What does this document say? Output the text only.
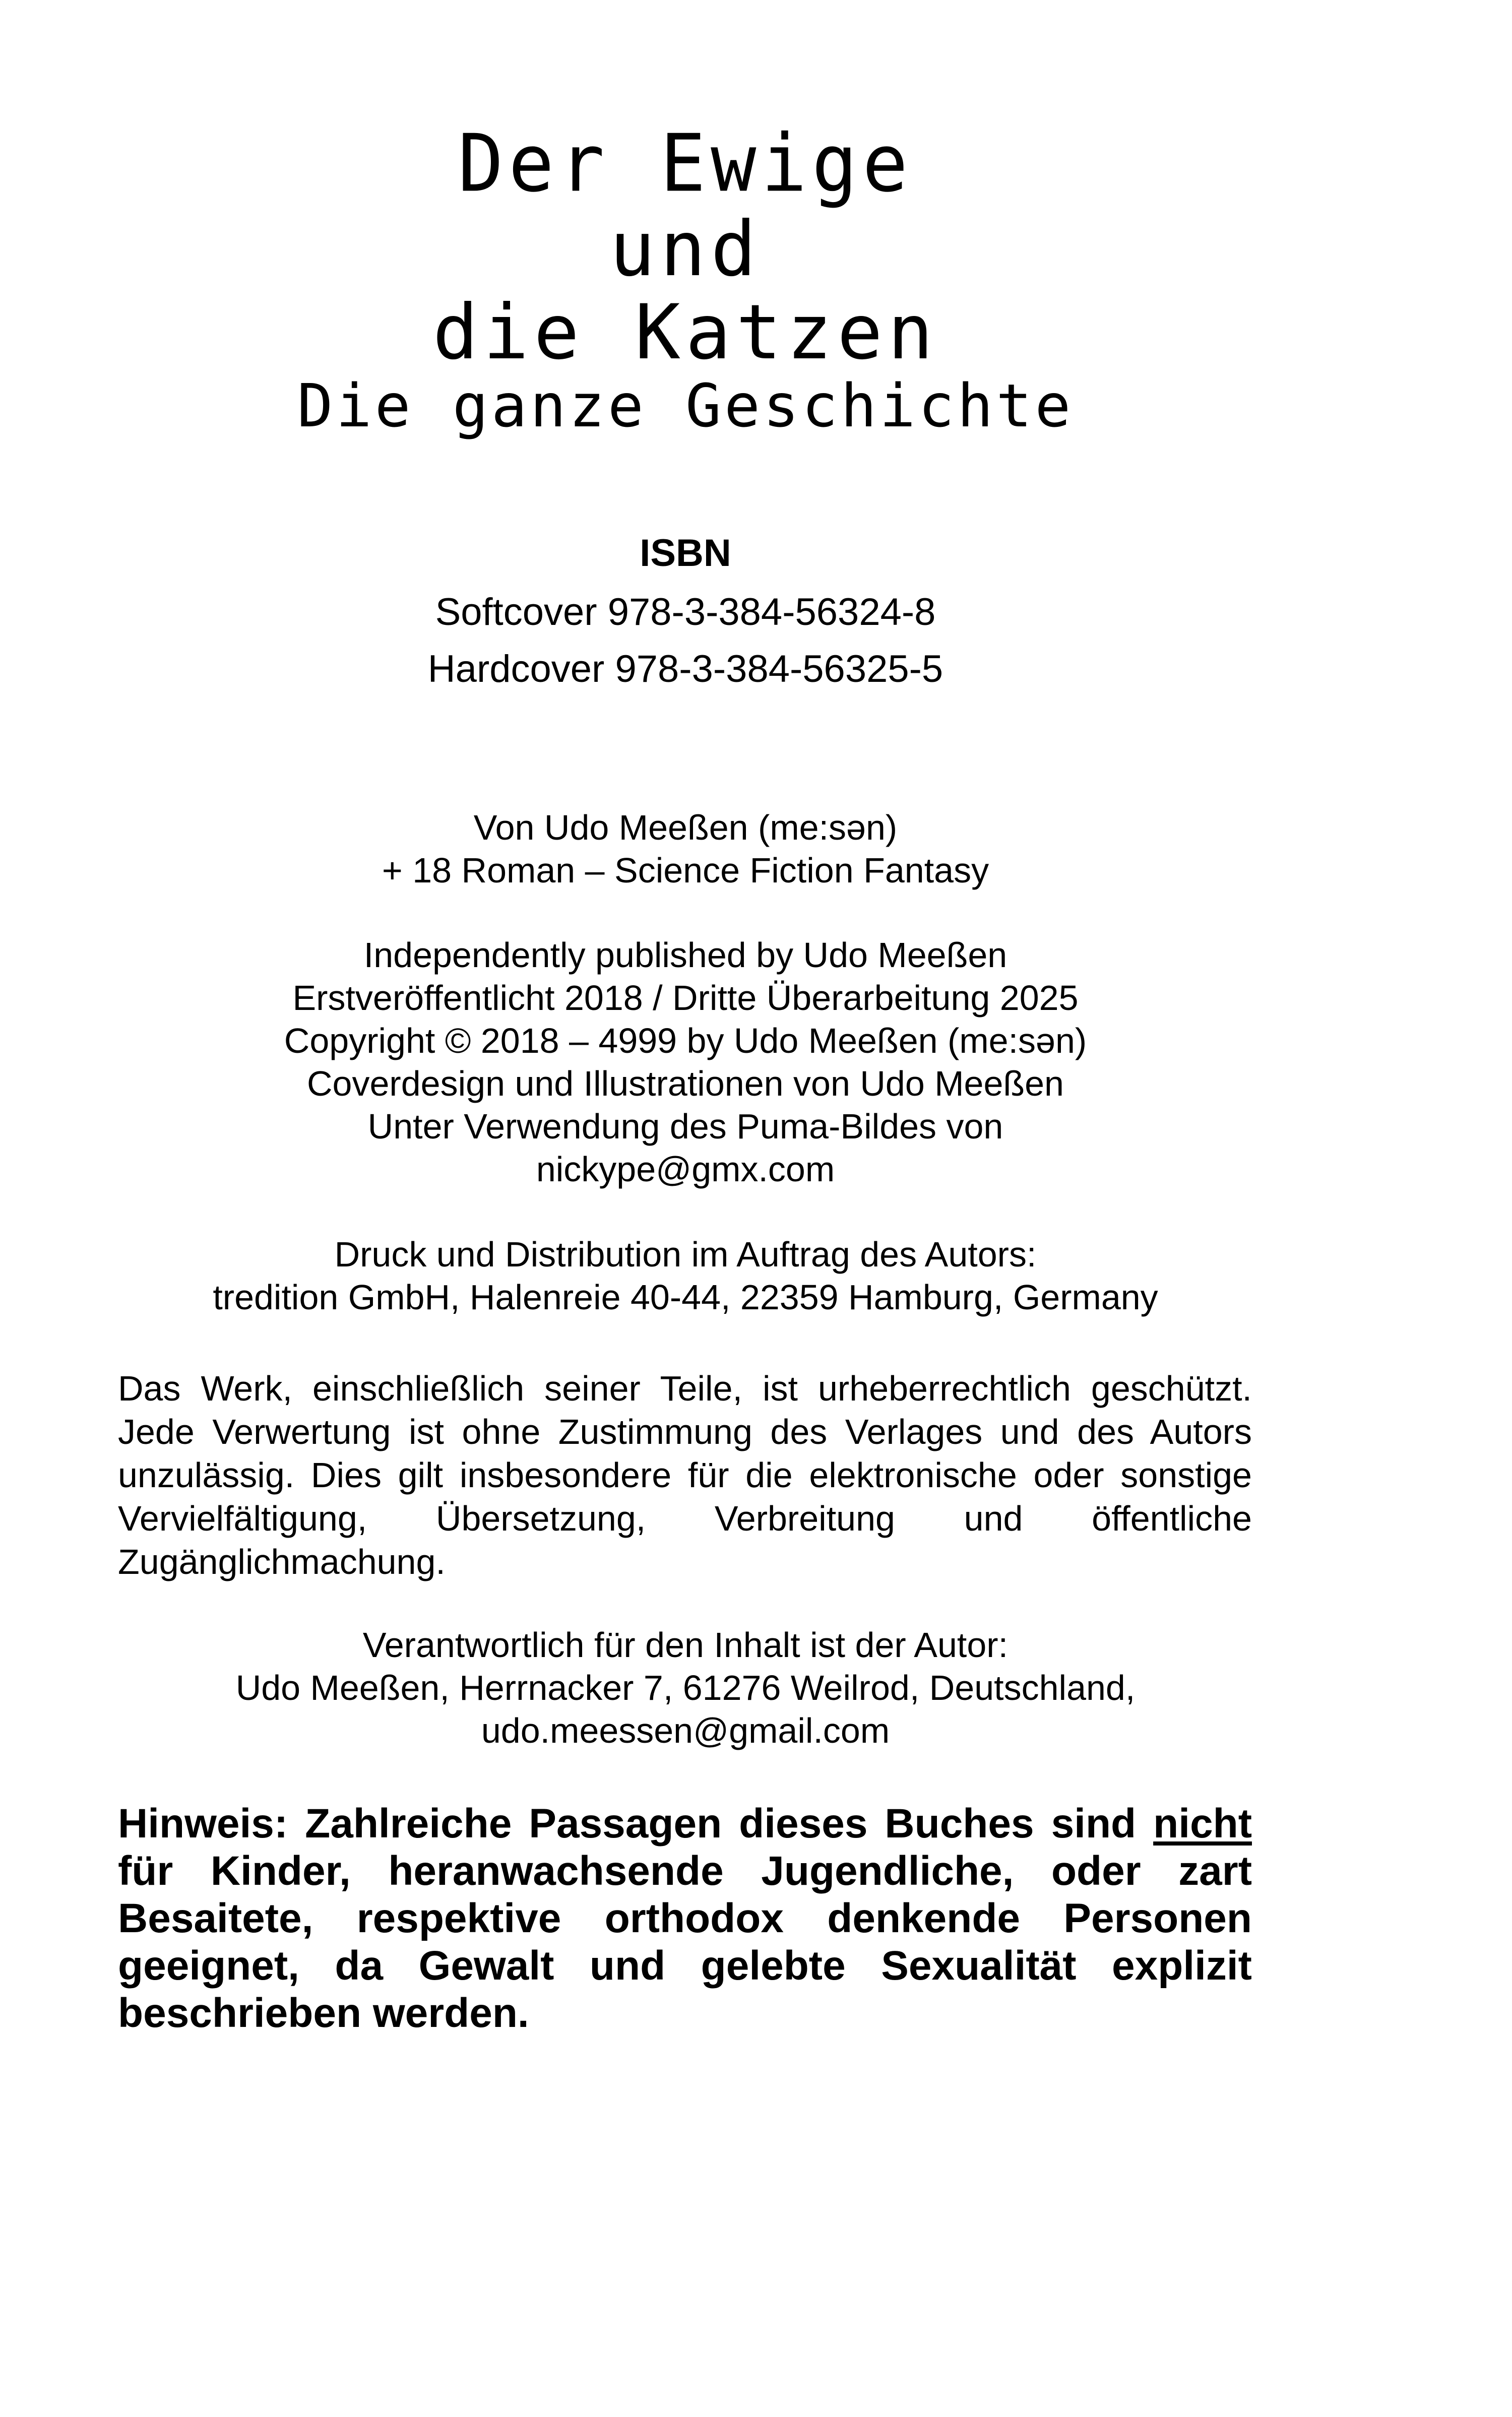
Der Ewige
und
die Katzen
Die ganze Geschichte
ISBN
Softcover 978-3-384-56324-8
Hardcover 978-3-384-56325-5
Von Udo Meeßen (me:sən)
+ 18 Roman – Science Fiction Fantasy
Independently published by Udo Meeßen
Erstveröffentlicht 2018 / Dritte Überarbeitung 2025
Copyright © 2018 – 4999 by Udo Meeßen (me:sən)
Coverdesign und Illustrationen von Udo Meeßen
Unter Verwendung des Puma-Bildes von
nickype@gmx.com
Druck und Distribution im Auftrag des Autors:
tredition GmbH, Halenreie 40-44, 22359 Hamburg, Germany
Das Werk, einschließlich seiner Teile, ist urheberrechtlich geschützt. Jede Verwertung ist ohne Zustimmung des Verlages und des Autors unzulässig. Dies gilt insbesondere für die elektronische oder sonstige Vervielfältigung, Übersetzung, Verbreitung und öffentliche Zugänglichmachung.
Verantwortlich für den Inhalt ist der Autor:
Udo Meeßen, Herrnacker 7, 61276 Weilrod, Deutschland,
udo.meessen@gmail.com
Hinweis: Zahlreiche Passagen dieses Buches sind nicht für Kinder, heranwachsende Jugendliche, oder zart Besaitete, respektive orthodox denkende Personen geeignet, da Gewalt und gelebte Sexualität explizit beschrieben werden.
